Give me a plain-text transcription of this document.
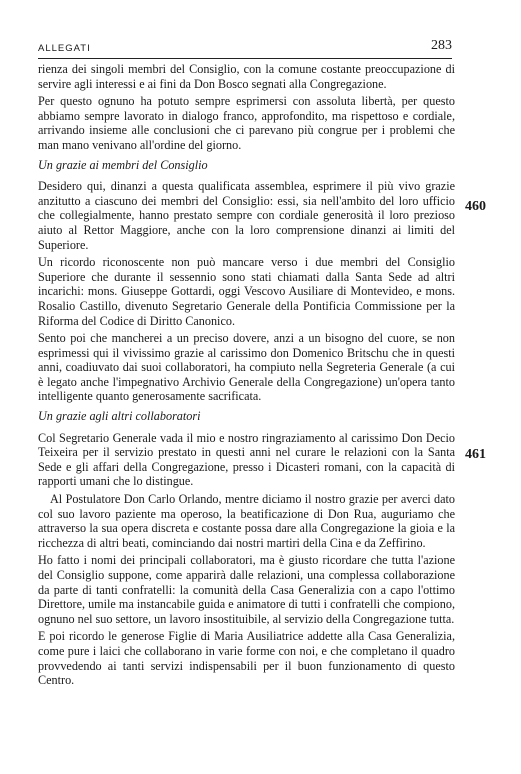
ALLEGATI	283

rienza dei singoli membri del Consiglio, con la comune costante preoccupazione di servire agli interessi e ai fini da Don Bosco segnati alla Congregazione.

Per questo ognuno ha potuto sempre esprimersi con assoluta libertà, per questo abbiamo sempre lavorato in dialogo franco, approfondito, ma rispettoso e cordiale, arrivando insieme alle conclusioni che ci parevano più congrue per i problemi che man mano venivano all'ordine del giorno.

Un grazie ai membri del Consiglio

Desidero qui, dinanzi a questa qualificata assemblea, esprimere il più vivo grazie anzitutto a ciascuno dei membri del Consiglio: essi, sia nell'ambito del loro ufficio che collegialmente, hanno prestato sempre con cordiale generosità il loro prezioso aiuto al Rettor Maggiore, anche con la loro comprensione dinanzi ai limiti del Superiore.

Un ricordo riconoscente non può mancare verso i due membri del Consiglio Superiore che durante il sessennio sono stati chiamati dalla Santa Sede ad altri incarichi: mons. Giuseppe Gottardi, oggi Vescovo Ausiliare di Montevideo, e mons. Rosalio Castillo, divenuto Segretario Generale della Pontificia Commissione per la Riforma del Codice di Diritto Canonico.

Sento poi che mancherei a un preciso dovere, anzi a un bisogno del cuore, se non esprimessi qui il vivissimo grazie al carissimo don Domenico Britschu che in questi anni, coadiuvato dai suoi collaboratori, ha compiuto nella Segreteria Generale (a cui è legato anche l'impegnativo Archivio Generale della Congregazione) un'opera tanto intelligente quanto generosamente sacrificata.

Un grazie agli altri collaboratori

Col Segretario Generale vada il mio e nostro ringraziamento al carissimo Don Decio Teixeira per il servizio prestato in questi anni nel curare le relazioni con la Santa Sede e gli affari della Congregazione, presso i Dicasteri romani, con la capacità di rapporti umani che lo distingue.

Al Postulatore Don Carlo Orlando, mentre diciamo il nostro grazie per averci dato col suo lavoro paziente ma operoso, la beatificazione di Don Rua, auguriamo che attraverso la sua opera discreta e costante possa dare alla Congregazione la gioia e la ricchezza di altri beati, cominciando dai nostri martiri della Cina e da Zeffirino.

Ho fatto i nomi dei principali collaboratori, ma è giusto ricordare che tutta l'azione del Consiglio suppone, come apparirà dalle relazioni, una complessa collaborazione da parte di tanti confratelli: la comunità della Casa Generalizia con a capo l'ottimo Direttore, umile ma instancabile guida e animatore di tutti i confratelli che compiono, ognuno nel suo settore, un lavoro insostituibile, al servizio della Congregazione tutta.

E poi ricordo le generose Figlie di Maria Ausiliatrice addette alla Casa Generalizia, come pure i laici che collaborano in varie forme con noi, e che completano il quadro provvedendo ai tanti servizi indispensabili per il buon funzionamento di questo Centro.

460
461
